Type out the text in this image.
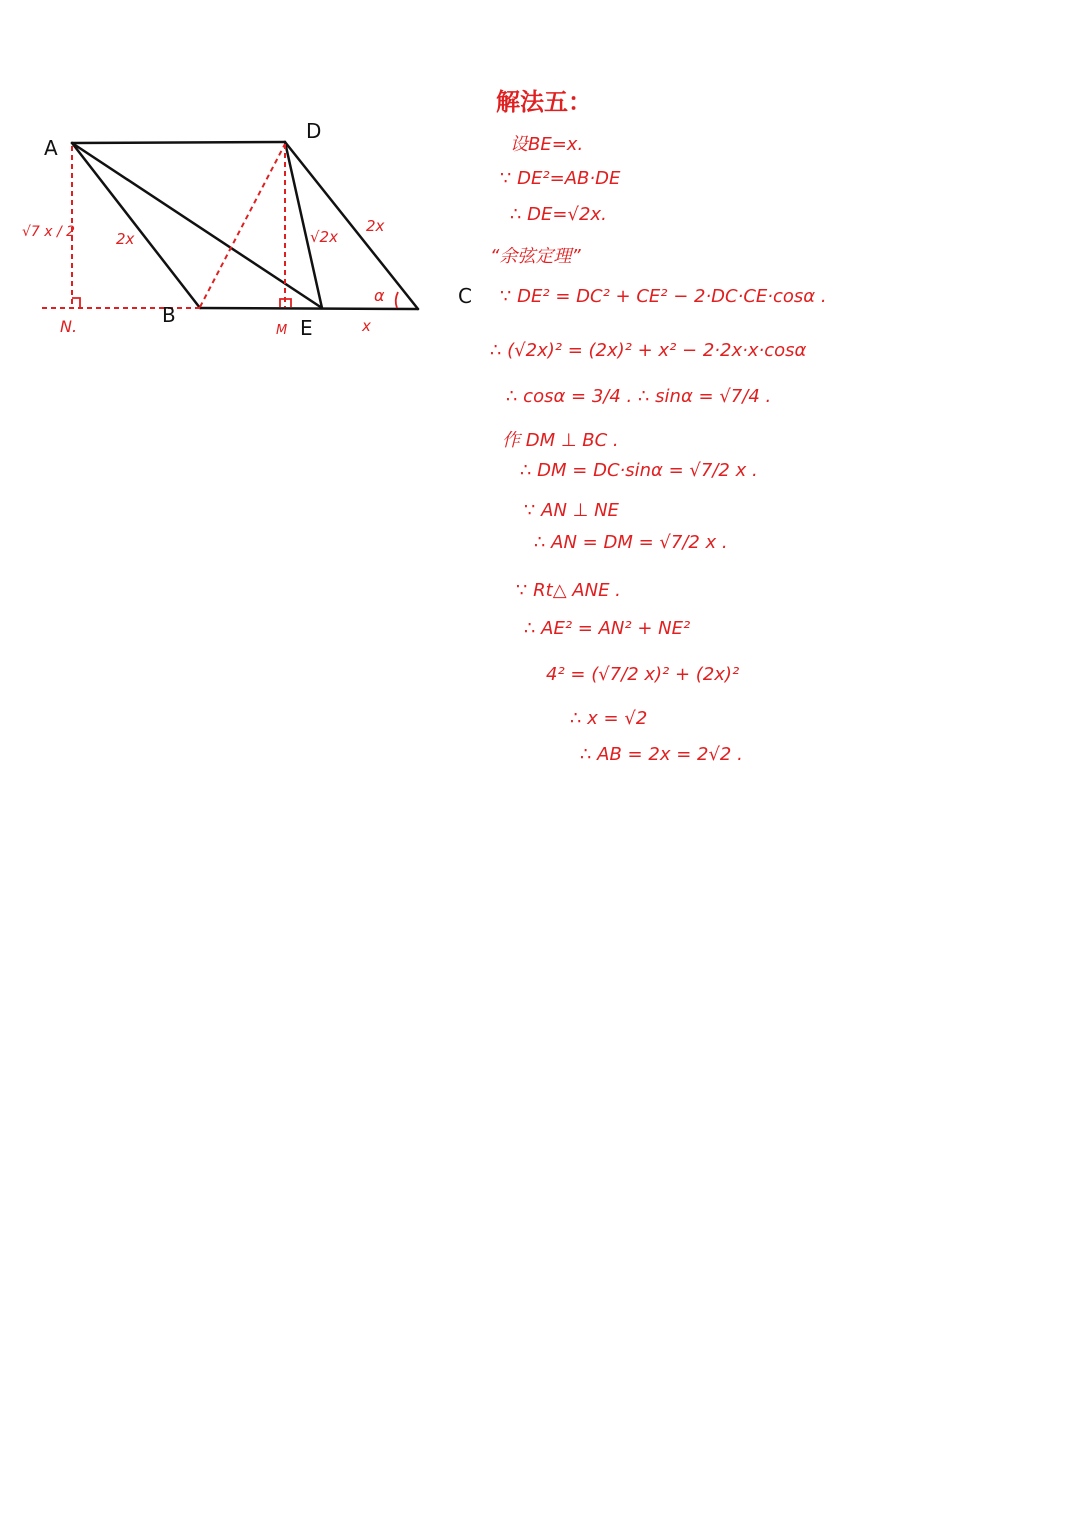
A
D
B
E
C
N.	M
√7 x / 2	2x	√2x
2x
α
x
解法五：
设BE=x.
∵ DE²=AB·DE
∴ DE=√2x.
“余弦定理”
∵ DE² = DC² + CE² − 2·DC·CE·cosα .
∴ (√2x)² = (2x)² + x² − 2·2x·x·cosα
∴ cosα = 3/4 . ∴ sinα = √7/4 .
作 DM ⊥ BC .
∴ DM = DC·sinα = √7/2 x .
∵ AN ⊥ NE
∴ AN = DM = √7/2 x .
∵ Rt△ ANE .
∴ AE² = AN² + NE²
4² = (√7/2 x)² + (2x)²
∴ x = √2
∴ AB = 2x = 2√2 .
